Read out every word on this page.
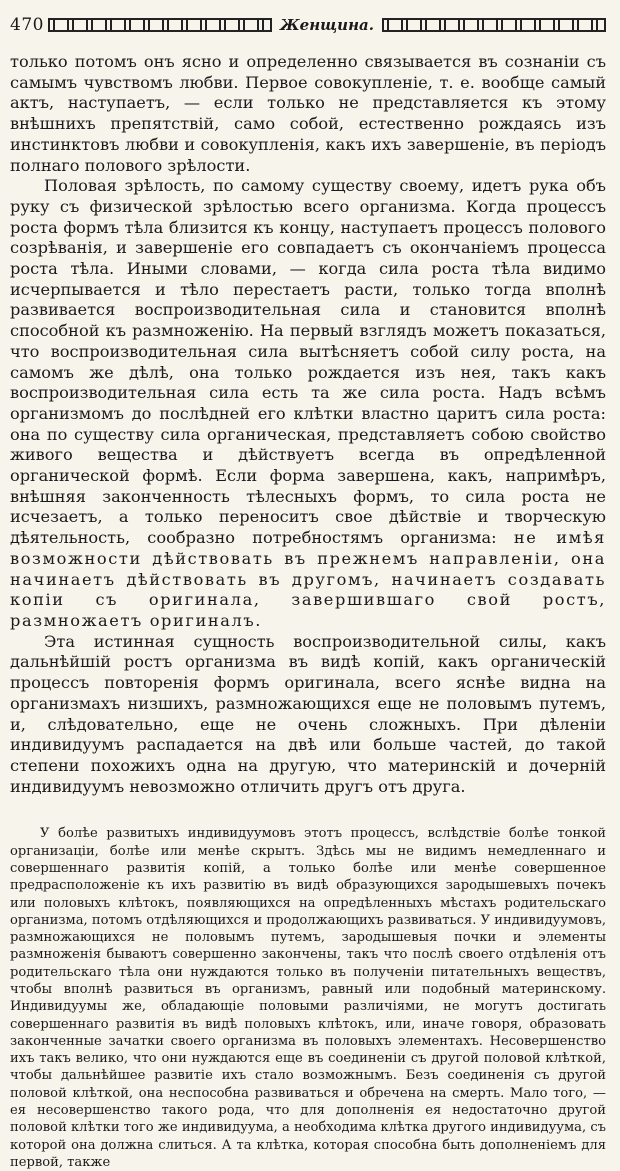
470	Женщина.

только потомъ онъ ясно и определенно связывается въ сознаніи съ самымъ чувствомъ любви. Первое совокупленіе, т. е. вообще самый актъ, наступаетъ, — если только не представляется къ этому внѣшнихъ препятствій, само собой, естественно рождаясь изъ инстинктовъ любви и совокупленія, какъ ихъ завершеніе, въ періодъ полнаго полового зрѣлости.

Половая зрѣлость, по самому существу своему, идетъ рука объ руку съ физической зрѣлостью всего организма. Когда процессъ роста формъ тѣла близится къ концу, наступаетъ процессъ полового созрѣванія, и завершеніе его совпадаетъ съ окончаніемъ процесса роста тѣла. Иными словами, — когда сила роста тѣла видимо исчерпывается и тѣло перестаетъ расти, только тогда вполнѣ развивается воспроизводительная сила и становится вполнѣ способной къ размноженію. На первый взглядъ можетъ показаться, что воспроизводительная сила вытѣсняетъ собой силу роста, на самомъ же дѣлѣ, она только рождается изъ нея, такъ какъ воспроизводительная сила есть та же сила роста. Надъ всѣмъ организмомъ до послѣдней его клѣтки властно царитъ сила роста: она по существу сила органическая, представляетъ собою свойство живого вещества и дѣйствуетъ всегда въ опредѣленной органической формѣ. Если форма завершена, какъ, напримѣръ, внѣшняя законченность тѣлесныхъ формъ, то сила роста не исчезаетъ, а только переноситъ свое дѣйствіе и творческую дѣятельность, сообразно потребностямъ организма: не имѣя возможности дѣйствовать въ прежнемъ направленіи, она начинаетъ дѣйствовать въ другомъ, начинаетъ создавать копіи съ оригинала, завершившаго свой ростъ, размножаетъ оригиналъ.

Эта истинная сущность воспроизводительной силы, какъ дальнѣйшій ростъ организма въ видѣ копій, какъ органическій процессъ повторенія формъ оригинала, всего яснѣе видна на организмахъ низшихъ, размножающихся еще не половымъ путемъ, и, слѣдовательно, еще не очень сложныхъ. При дѣленіи индивидуумъ распадается на двѣ или больше частей, до такой степени похожихъ одна на другую, что материнскій и дочерній индивидуумъ невозможно отличить другъ отъ друга.

У болѣе развитыхъ индивидуумовъ этотъ процессъ, вслѣдствіе болѣе тонкой организаціи, болѣе или менѣе скрытъ. Здѣсь мы не видимъ немедленнаго и совершеннаго развитія копій, а только болѣе или менѣе совершенное предрасположеніе къ ихъ развитію въ видѣ образующихся зародышевыхъ почекъ или половыхъ клѣтокъ, появляющихся на опредѣленныхъ мѣстахъ родительскаго организма, потомъ отдѣляющихся и продолжающихъ развиваться. У индивидуумовъ, размножающихся не половымъ путемъ, зародышевыя почки и элементы размноженія бываютъ совершенно закончены, такъ что послѣ своего отдѣленія отъ родительскаго тѣла они нуждаются только въ полученіи питательныхъ веществъ, чтобы вполнѣ развиться въ организмъ, равный или подобный материнскому. Индивидуумы же, обладающіе половыми различіями, не могутъ достигать совершеннаго развитія въ видѣ половыхъ клѣтокъ, или, иначе говоря, образовать законченные зачатки своего организма въ половыхъ элементахъ. Несовершенство ихъ такъ велико, что они нуждаются еще въ соединеніи съ другой половой клѣткой, чтобы дальнѣйшее развитіе ихъ стало возможнымъ. Безъ соединенія съ другой половой клѣткой, она неспособна развиваться и обречена на смерть. Мало того, — ея несовершенство такого рода, что для дополненія ея недостаточно другой половой клѣтки того же индивидуума, а необходима клѣтка другого индивидуума, съ которой она должна слиться. А та клѣтка, которая способна быть дополненіемъ для первой, также
